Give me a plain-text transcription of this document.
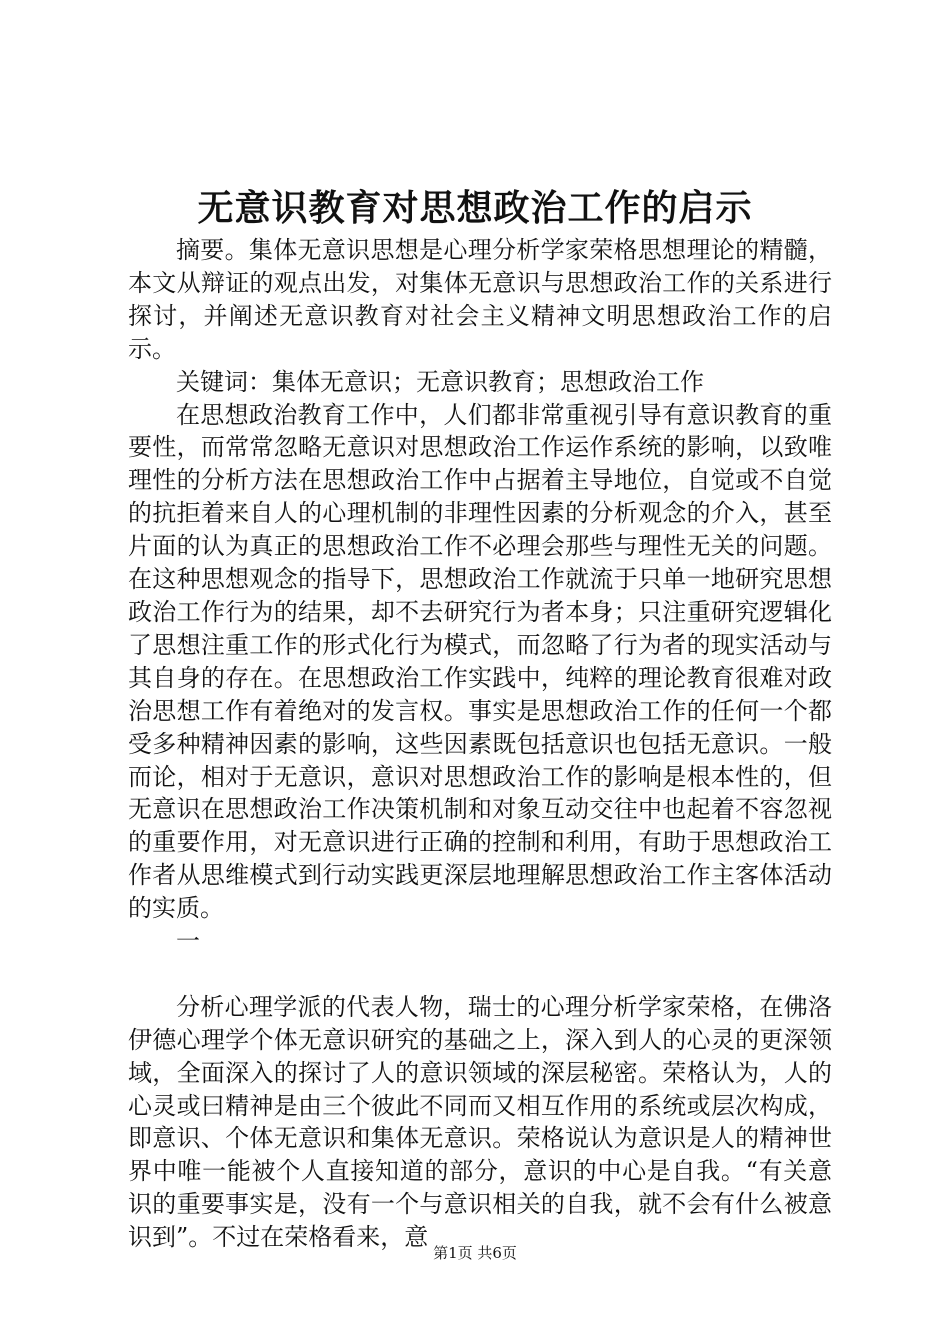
无意识教育对思想政治工作的启示

摘要。集体无意识思想是心理分析学家荣格思想理论的精髓，本文从辩证的观点出发，对集体无意识与思想政治工作的关系进行探讨，并阐述无意识教育对社会主义精神文明思想政治工作的启示。

关键词：集体无意识；无意识教育；思想政治工作

在思想政治教育工作中，人们都非常重视引导有意识教育的重要性，而常常忽略无意识对思想政治工作运作系统的影响，以致唯理性的分析方法在思想政治工作中占据着主导地位，自觉或不自觉的抗拒着来自人的心理机制的非理性因素的分析观念的介入，甚至片面的认为真正的思想政治工作不必理会那些与理性无关的问题。在这种思想观念的指导下，思想政治工作就流于只单一地研究思想政治工作行为的结果，却不去研究行为者本身；只注重研究逻辑化了思想注重工作的形式化行为模式，而忽略了行为者的现实活动与其自身的存在。在思想政治工作实践中，纯粹的理论教育很难对政治思想工作有着绝对的发言权。事实是思想政治工作的任何一个都受多种精神因素的影响，这些因素既包括意识也包括无意识。一般而论，相对于无意识，意识对思想政治工作的影响是根本性的，但无意识在思想政治工作决策机制和对象互动交往中也起着不容忽视的重要作用，对无意识进行正确的控制和利用，有助于思想政治工作者从思维模式到行动实践更深层地理解思想政治工作主客体活动的实质。

一

分析心理学派的代表人物，瑞士的心理分析学家荣格，在佛洛伊德心理学个体无意识研究的基础之上，深入到人的心灵的更深领域，全面深入的探讨了人的意识领域的深层秘密。荣格认为，人的心灵或曰精神是由三个彼此不同而又相互作用的系统或层次构成，即意识、个体无意识和集体无意识。荣格说认为意识是人的精神世界中唯一能被个人直接知道的部分，意识的中心是自我。“有关意识的重要事实是，没有一个与意识相关的自我，就不会有什么被意识到”。不过在荣格看来，意

第1页 共6页
